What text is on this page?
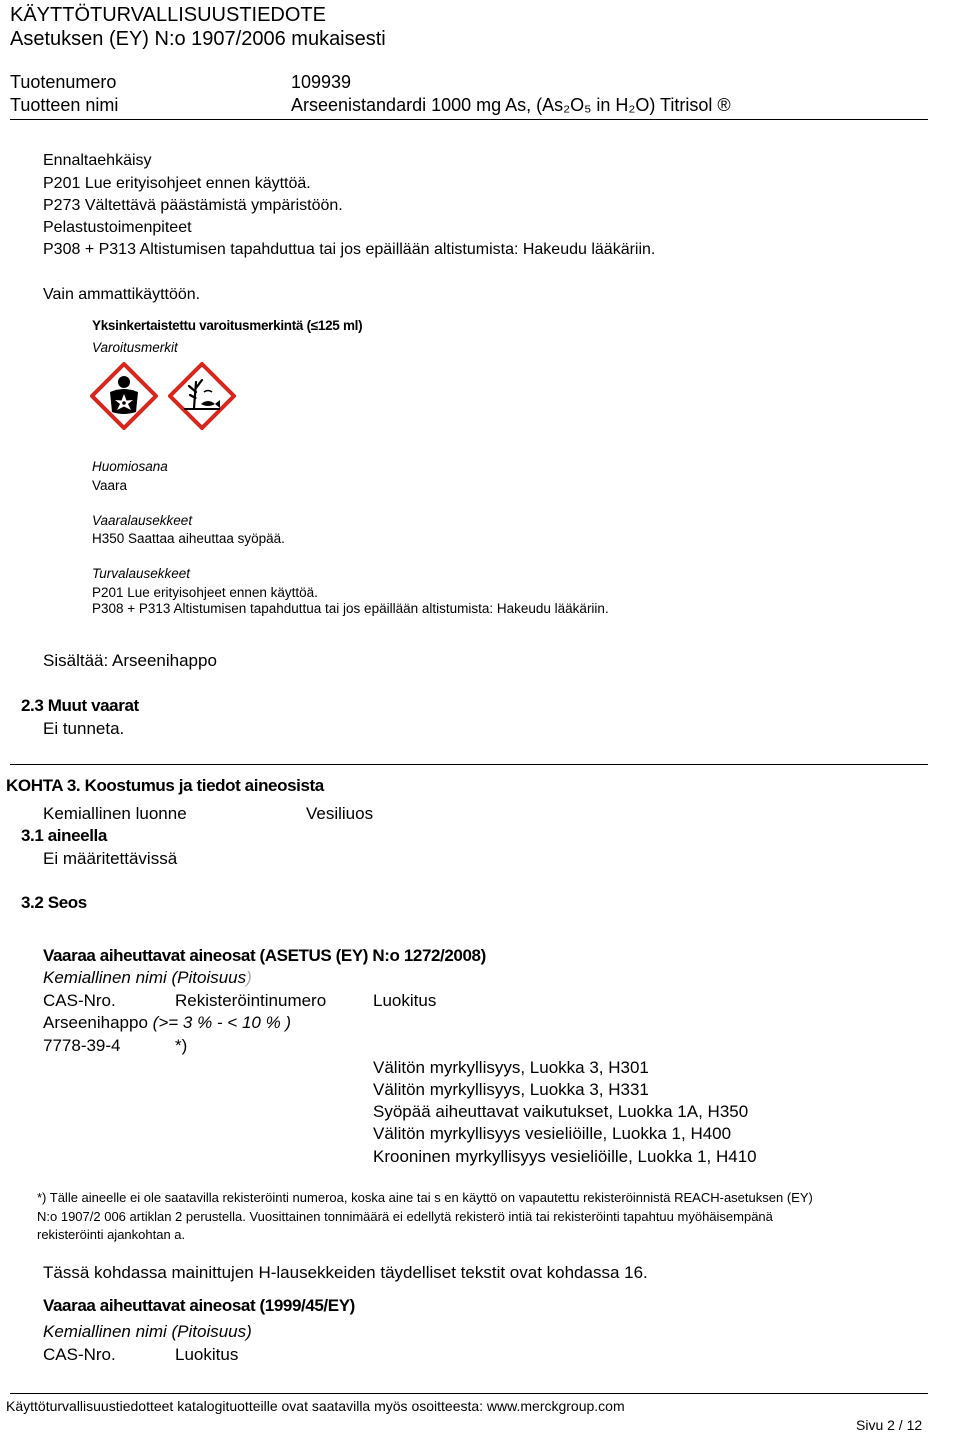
KÄYTTÖTURVALLISUUSTIEDOTE
Asetuksen (EY) N:o 1907/2006 mukaisesti
Tuotenumero	109939
Tuotteen nimi	Arseenistandardi 1000 mg As, (As₂O₅ in H₂O) Titrisol ®
Ennaltaehkäisy
P201 Lue erityisohjeet ennen käyttöä.
P273 Vältettävä päästämistä ympäristöön.
Pelastustoimenpiteet
P308 + P313 Altistumisen tapahduttua tai jos epäillään altistumista: Hakeudu lääkäriin.
Vain ammattikäyttöön.
Yksinkertaistettu varoitusmerkintä (≤125 ml)
Varoitusmerkit
Huomiosana
Vaara
Vaaralausekkeet
H350 Saattaa aiheuttaa syöpää.
Turvalausekkeet
P201 Lue erityisohjeet ennen käyttöä.
P308 + P313 Altistumisen tapahduttua tai jos epäillään altistumista: Hakeudu lääkäriin.
Sisältää: Arseenihappo
2.3 Muut vaarat
Ei tunneta.
KOHTA 3. Koostumus ja tiedot aineosista
Kemiallinen luonne	Vesiliuos
3.1 aineella
Ei määritettävissä
3.2 Seos
Vaaraa aiheuttavat aineosat (ASETUS (EY) N:o 1272/2008)
Kemiallinen nimi (Pitoisuus)
CAS-Nro.	Rekisteröintinumero	Luokitus
Arseenihappo (>= 3 % - < 10 % )
7778-39-4	*)
Välitön myrkyllisyys, Luokka 3, H301
Välitön myrkyllisyys, Luokka 3, H331
Syöpää aiheuttavat vaikutukset, Luokka 1A, H350
Välitön myrkyllisyys vesieliöille, Luokka 1, H400
Krooninen myrkyllisyys vesieliöille, Luokka 1, H410
*) Tälle aineelle ei ole saatavilla rekisteröinti numeroa, koska aine tai s en käyttö on vapautettu rekisteröinnistä REACH-asetuksen (EY)
N:o 1907/2 006 artiklan 2 perustella. Vuosittainen tonnimäärä ei edellytä rekisterö intiä tai rekisteröinti tapahtuu myöhäisempänä
rekisteröinti ajankohtan a.
Tässä kohdassa mainittujen H-lausekkeiden täydelliset tekstit ovat kohdassa 16.
Vaaraa aiheuttavat aineosat (1999/45/EY)
Kemiallinen nimi (Pitoisuus)
CAS-Nro.	Luokitus
Käyttöturvallisuustiedotteet katalogituotteille ovat saatavilla myös osoitteesta: www.merckgroup.com
Sivu 2 / 12
